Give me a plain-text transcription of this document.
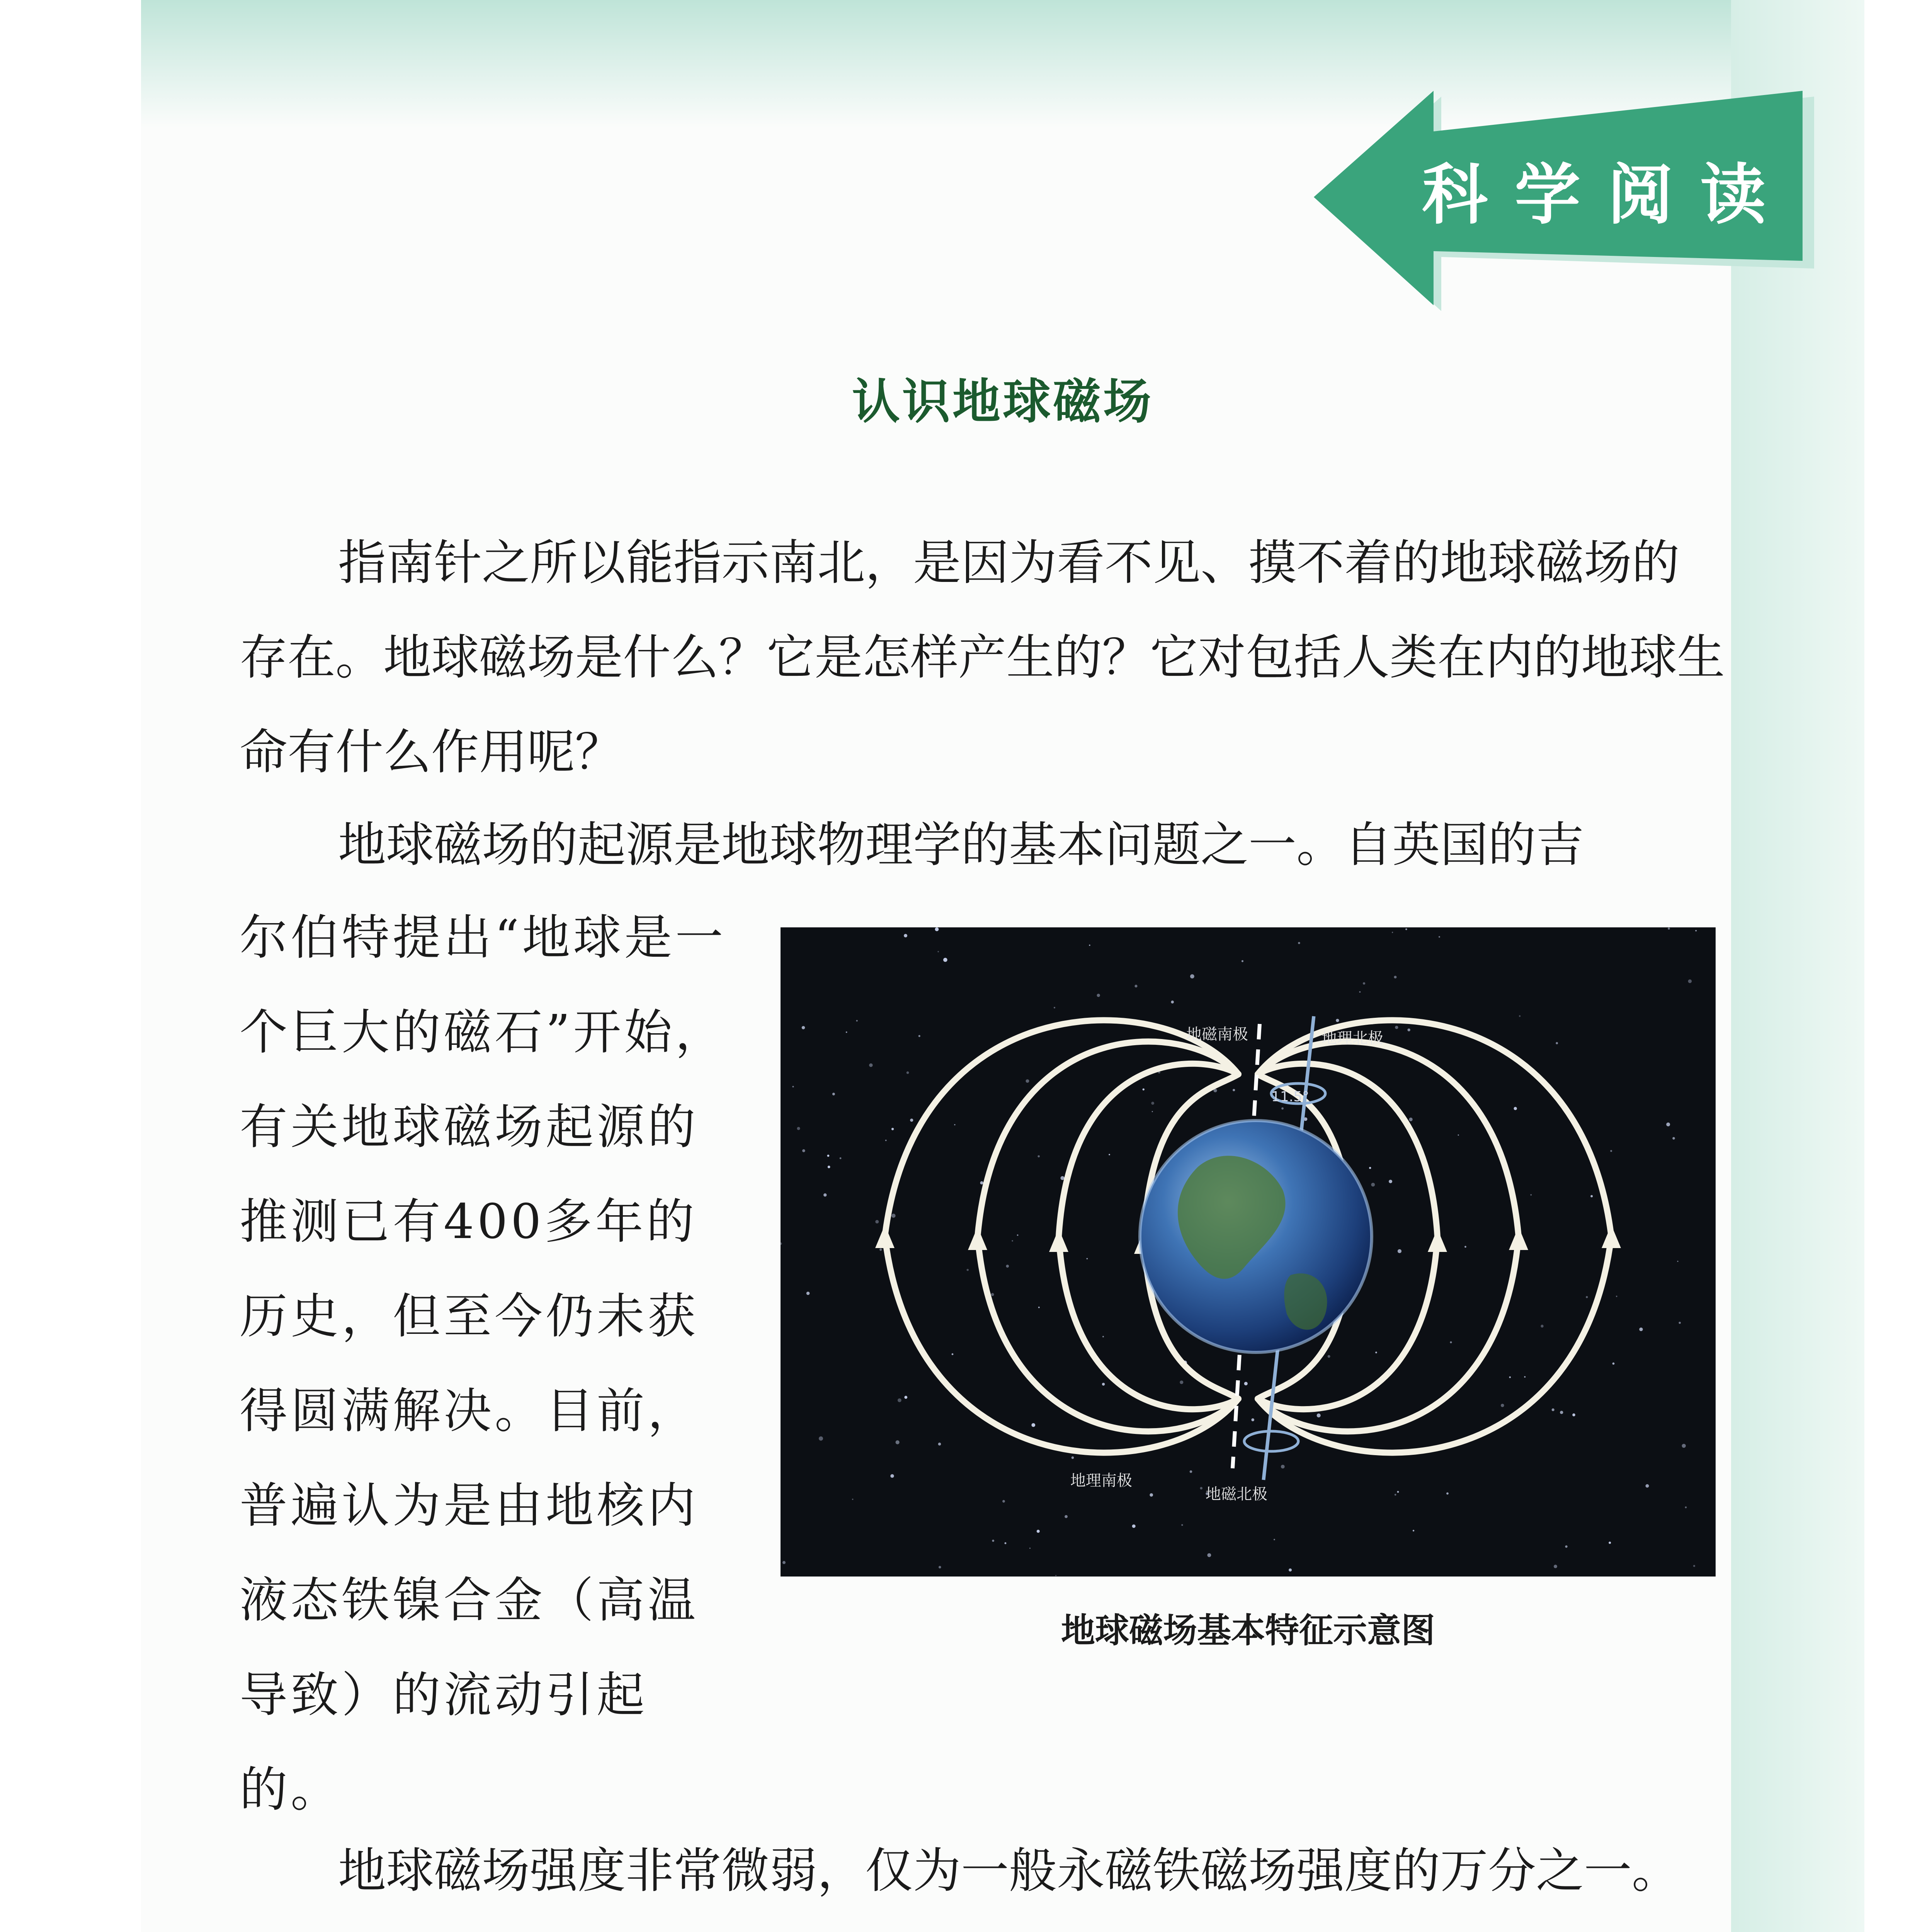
科学阅读
认识地球磁场

指南针之所以能指示南北，是因为看不见、摸不着的地球磁场的存在。地球磁场是什么？它是怎样产生的？它对包括人类在内的地球生命有什么作用呢？

地球磁场的起源是地球物理学的基本问题之一。自英国的吉

尔伯特提出“地球是一个巨大的磁石”开始，有关地球磁场起源的推测已有400多年的历史，但至今仍未获得圆满解决。目前，普遍认为是由地核内液态铁镍合金（高温导致）的流动引起的。

地磁南极	地理北极
11.5°
地理南极
地磁北极
地球磁场基本特征示意图

地球磁场强度非常微弱，仅为一般永磁铁磁场强度的万分之一。
